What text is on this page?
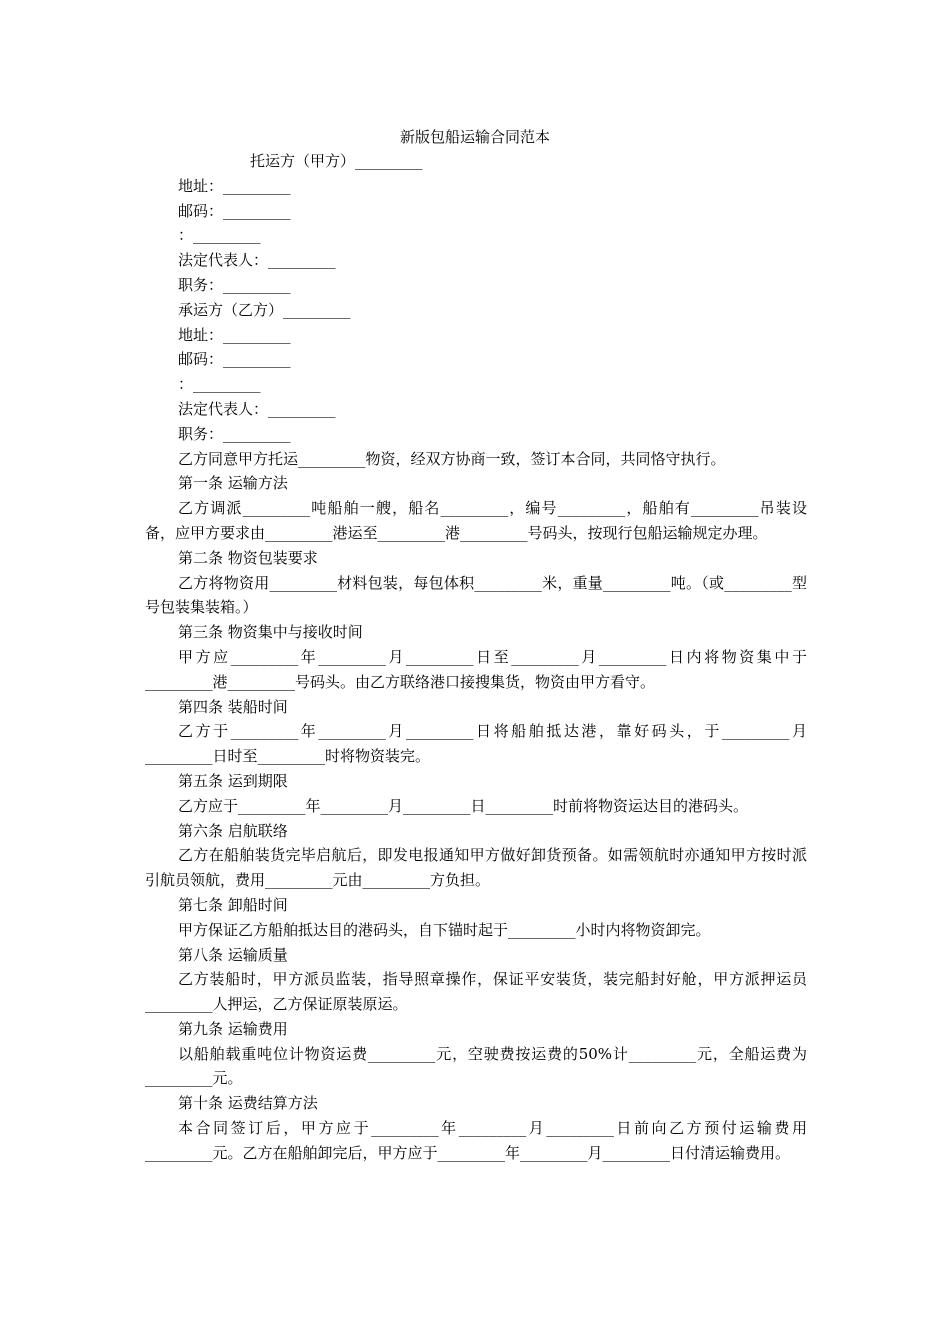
新版包船运输合同范本

托运方（甲方）_________

地址：_________

邮码：_________

：_________

法定代表人：_________

职务：_________

承运方（乙方）_________

地址：_________

邮码：_________

：_________

法定代表人：_________

职务：_________

乙方同意甲方托运_________物资，经双方协商一致，签订本合同，共同恪守执行。

第一条 运输方法

乙方调派_________吨船舶一艘，船名_________，编号_________，船舶有_________吊装设备，应甲方要求由_________港运至_________港_________号码头，按现行包船运输规定办理。

第二条 物资包装要求

乙方将物资用_________材料包装，每包体积_________米，重量_________吨。（或_________型号包装集装箱。）

第三条 物资集中与接收时间

甲方应_________年_________月_________日至_________月_________日内将物资集中于_________港_________号码头。由乙方联络港口接搜集货，物资由甲方看守。

第四条 装船时间

乙方于_________年_________月_________日将船舶抵达港，靠好码头，于_________月_________日时至_________时将物资装完。

第五条 运到期限

乙方应于_________年_________月_________日_________时前将物资运达目的港码头。

第六条 启航联络

乙方在船舶装货完毕启航后，即发电报通知甲方做好卸货预备。如需领航时亦通知甲方按时派引航员领航，费用_________元由_________方负担。

第七条 卸船时间

甲方保证乙方船舶抵达目的港码头，自下锚时起于_________小时内将物资卸完。

第八条 运输质量

乙方装船时，甲方派员监装，指导照章操作，保证平安装货，装完船封好舱，甲方派押运员_________人押运，乙方保证原装原运。

第九条 运输费用

以船舶载重吨位计物资运费_________元，空驶费按运费的50%计_________元，全船运费为_________元。

第十条 运费结算方法

本合同签订后，甲方应于_________年_________月_________日前向乙方预付运输费用_________元。乙方在船舶卸完后，甲方应于_________年_________月_________日付清运输费用。
